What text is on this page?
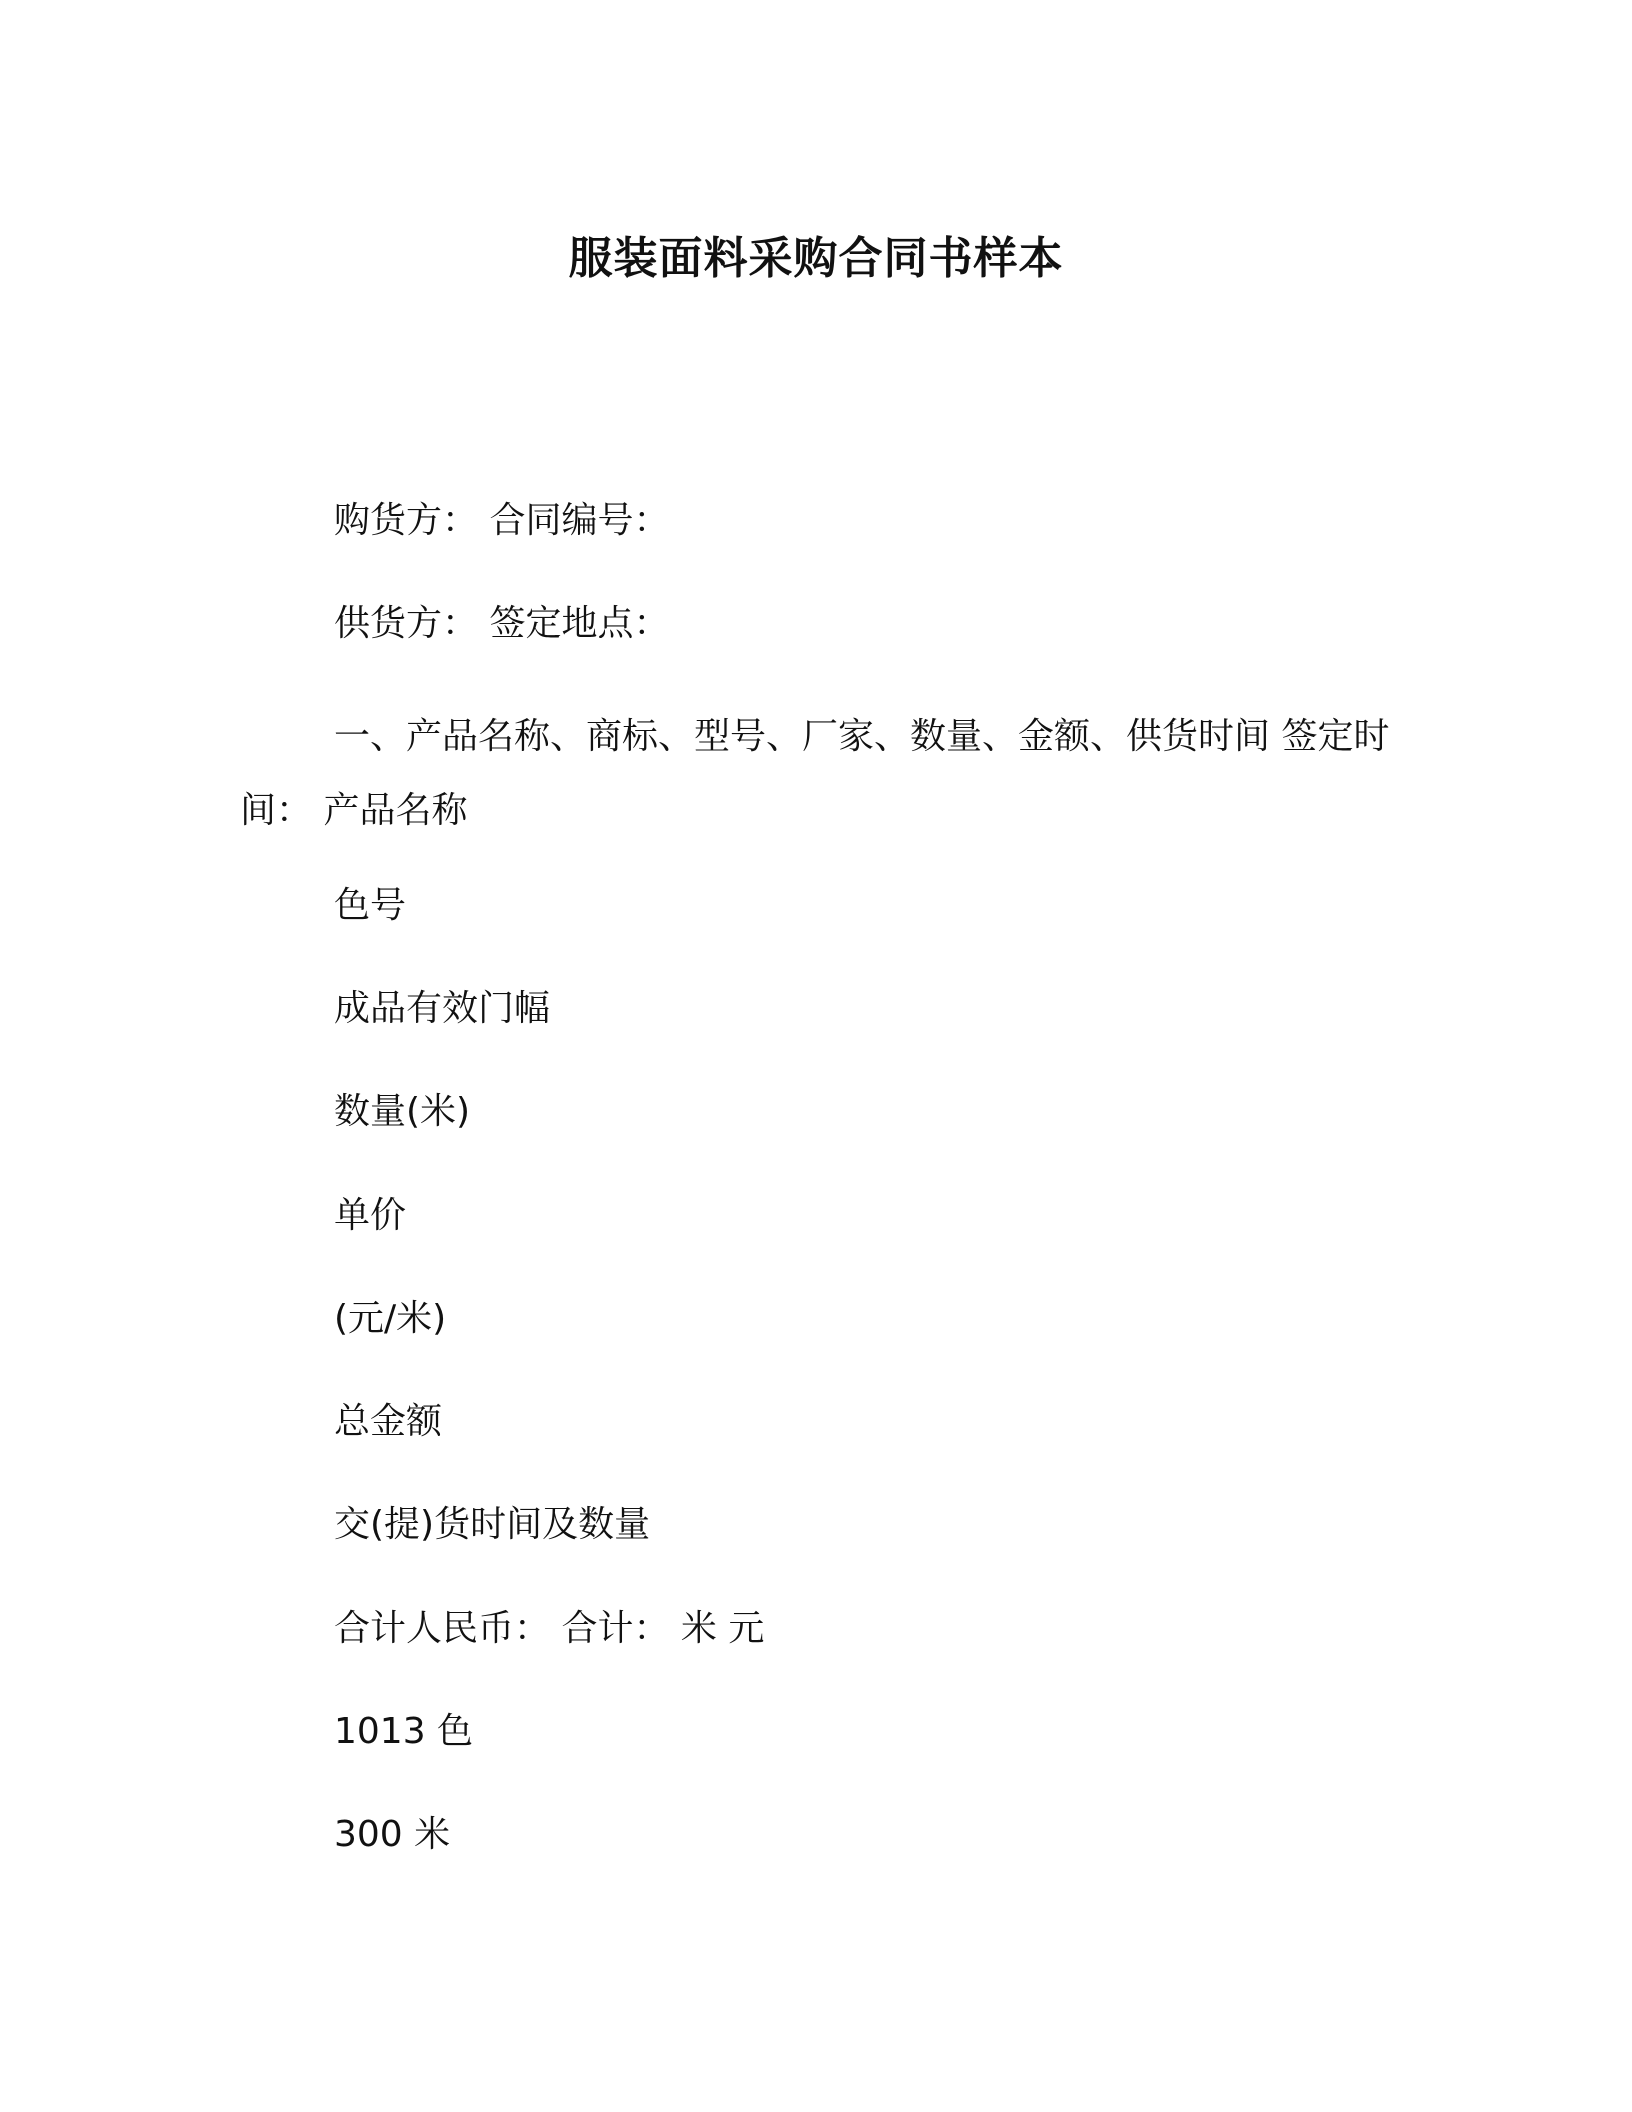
服装面料采购合同书样本

购货方： 合同编号：

供货方： 签定地点：

一、产品名称、商标、型号、厂家、数量、金额、供货时间 签定时间： 产品名称

色号

成品有效门幅

数量(米)

单价

(元/米)

总金额

交(提)货时间及数量

合计人民币： 合计： 米 元

1013 色

300 米
